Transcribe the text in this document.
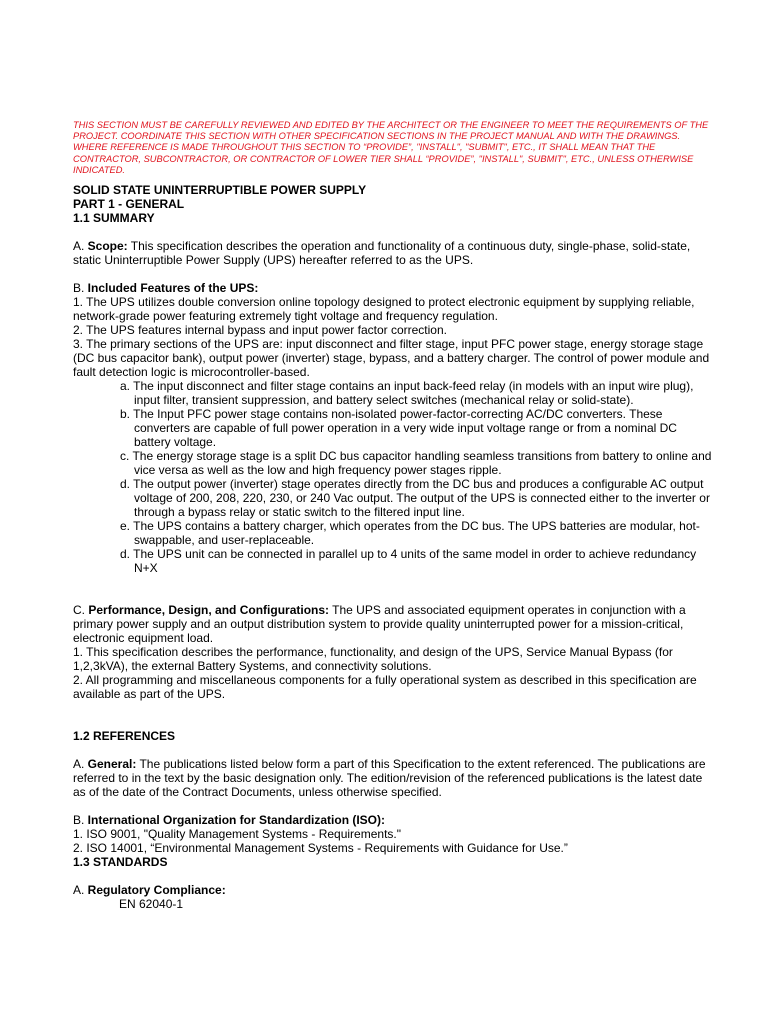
THIS SECTION MUST BE CAREFULLY REVIEWED AND EDITED BY THE ARCHITECT OR THE ENGINEER TO MEET THE REQUIREMENTS OF THE PROJECT. COORDINATE THIS SECTION WITH OTHER SPECIFICATION SECTIONS IN THE PROJECT MANUAL AND WITH THE DRAWINGS.

WHERE REFERENCE IS MADE THROUGHOUT THIS SECTION TO “PROVIDE”, "INSTALL", "SUBMIT", ETC., IT SHALL MEAN THAT THE CONTRACTOR, SUBCONTRACTOR, OR CONTRACTOR OF LOWER TIER SHALL “PROVIDE”, "INSTALL", SUBMIT", ETC., UNLESS OTHERWISE INDICATED.

SOLID STATE UNINTERRUPTIBLE POWER SUPPLY

PART 1 - GENERAL

1.1 SUMMARY

A. Scope: This specification describes the operation and functionality of a continuous duty, single-phase, solid-state, static Uninterruptible Power Supply (UPS) hereafter referred to as the UPS.

B. Included Features of the UPS:

1. The UPS utilizes double conversion online topology designed to protect electronic equipment by supplying reliable, network-grade power featuring extremely tight voltage and frequency regulation.

2. The UPS features internal bypass and input power factor correction.

3. The primary sections of the UPS are: input disconnect and filter stage, input PFC power stage, energy storage stage (DC bus capacitor bank), output power (inverter) stage, bypass, and a battery charger. The control of power module and fault detection logic is microcontroller-based.

a. The input disconnect and filter stage contains an input back-feed relay (in models with an input wire plug), input filter, transient suppression, and battery select switches (mechanical relay or solid-state).

b. The Input PFC power stage contains non-isolated power-factor-correcting AC/DC converters. These converters are capable of full power operation in a very wide input voltage range or from a nominal DC battery voltage.

c. The energy storage stage is a split DC bus capacitor handling seamless transitions from battery to online and vice versa as well as the low and high frequency power stages ripple.

d. The output power (inverter) stage operates directly from the DC bus and produces a configurable AC output voltage of 200, 208, 220, 230, or 240 Vac output. The output of the UPS is connected either to the inverter or through a bypass relay or static switch to the filtered input line.

e. The UPS contains a battery charger, which operates from the DC bus. The UPS batteries are modular, hot-swappable, and user-replaceable.

d. The UPS unit can be connected in parallel up to 4 units of the same model in order to achieve redundancy N+X

C. Performance, Design, and Configurations: The UPS and associated equipment operates in conjunction with a primary power supply and an output distribution system to provide quality uninterrupted power for a mission-critical, electronic equipment load.

1. This specification describes the performance, functionality, and design of the UPS, Service Manual Bypass (for 1,2,3kVA), the external Battery Systems, and connectivity solutions.

2. All programming and miscellaneous components for a fully operational system as described in this specification are available as part of the UPS.

1.2 REFERENCES

A. General: The publications listed below form a part of this Specification to the extent referenced. The publications are referred to in the text by the basic designation only. The edition/revision of the referenced publications is the latest date as of the date of the Contract Documents, unless otherwise specified.

B. International Organization for Standardization (ISO):

1. ISO 9001, "Quality Management Systems - Requirements."

2. ISO 14001, “Environmental Management Systems - Requirements with Guidance for Use.”

1.3 STANDARDS

A. Regulatory Compliance:

EN 62040-1
